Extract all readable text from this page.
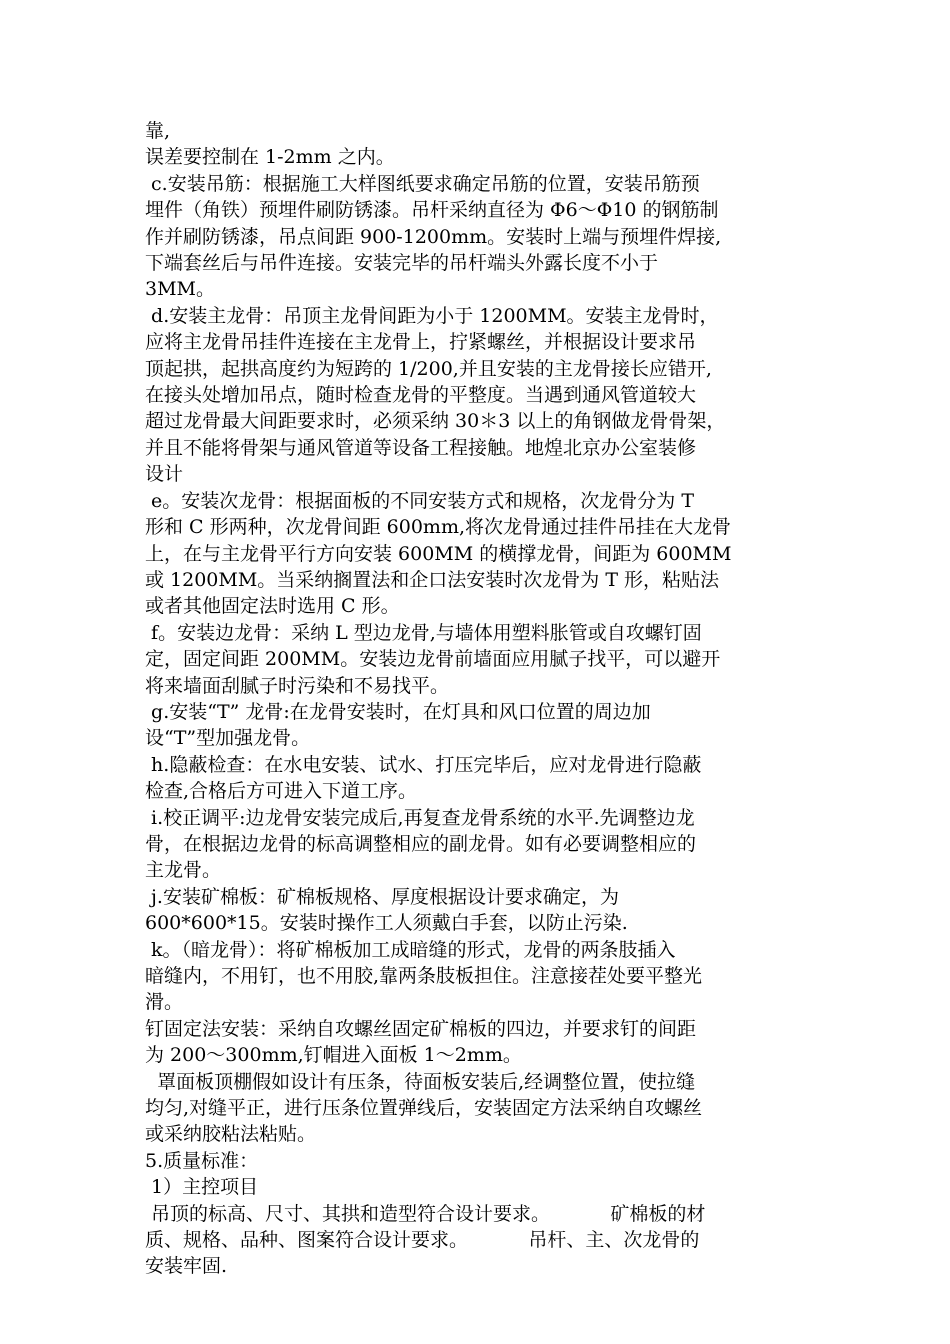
靠,
误差要控制在 1-2mm 之内。
c.安装吊筋：根据施工大样图纸要求确定吊筋的位置，安装吊筋预
埋件（角铁）预埋件刷防锈漆。吊杆采纳直径为 Φ6～Φ10 的钢筋制
作并刷防锈漆，吊点间距 900-1200mm。安装时上端与预埋件焊接,
下端套丝后与吊件连接。安装完毕的吊杆端头外露长度不小于
3MM。
d.安装主龙骨：吊顶主龙骨间距为小于 1200MM。安装主龙骨时，
应将主龙骨吊挂件连接在主龙骨上，拧紧螺丝，并根据设计要求吊
顶起拱，起拱高度约为短跨的 1/200,并且安装的主龙骨接长应错开,
在接头处增加吊点，随时检查龙骨的平整度。当遇到通风管道较大
超过龙骨最大间距要求时，必须采纳 30＊3 以上的角钢做龙骨骨架，
并且不能将骨架与通风管道等设备工程接触。地煌北京办公室装修
设计
e。安装次龙骨：根据面板的不同安装方式和规格，次龙骨分为 T
形和 C 形两种，次龙骨间距 600mm,将次龙骨通过挂件吊挂在大龙骨
上，在与主龙骨平行方向安装 600MM 的横撑龙骨，间距为 600MM
或 1200MM。当采纳搁置法和企口法安装时次龙骨为 T 形，粘贴法
或者其他固定法时选用 C 形。
f。安装边龙骨：采纳 L 型边龙骨,与墙体用塑料胀管或自攻螺钉固
定，固定间距 200MM。安装边龙骨前墙面应用腻子找平，可以避开
将来墙面刮腻子时污染和不易找平。
g.安装“T” 龙骨:在龙骨安装时，在灯具和风口位置的周边加
设“T”型加强龙骨。
h.隐蔽检查：在水电安装、试水、打压完毕后，应对龙骨进行隐蔽
检查,合格后方可进入下道工序。
i.校正调平:边龙骨安装完成后,再复查龙骨系统的水平.先调整边龙
骨，在根据边龙骨的标高调整相应的副龙骨。如有必要调整相应的
主龙骨。
j.安装矿棉板：矿棉板规格、厚度根据设计要求确定，为
600*600*15。安装时操作工人须戴白手套，以防止污染.
k。（暗龙骨）：将矿棉板加工成暗缝的形式，龙骨的两条肢插入
暗缝内，不用钉，也不用胶,靠两条肢板担住。注意接茬处要平整光
滑。
钉固定法安装：采纳自攻螺丝固定矿棉板的四边，并要求钉的间距
为 200～300mm,钉帽进入面板 1～2mm。
罩面板顶棚假如设计有压条，待面板安装后,经调整位置，使拉缝
均匀,对缝平正，进行压条位置弹线后，安装固定方法采纳自攻螺丝
或采纳胶粘法粘贴。
5.质量标准：
1）主控项目
吊顶的标高、尺寸、其拱和造型符合设计要求。          矿棉板的材
质、规格、品种、图案符合设计要求。          吊杆、主、次龙骨的
安装牢固.
